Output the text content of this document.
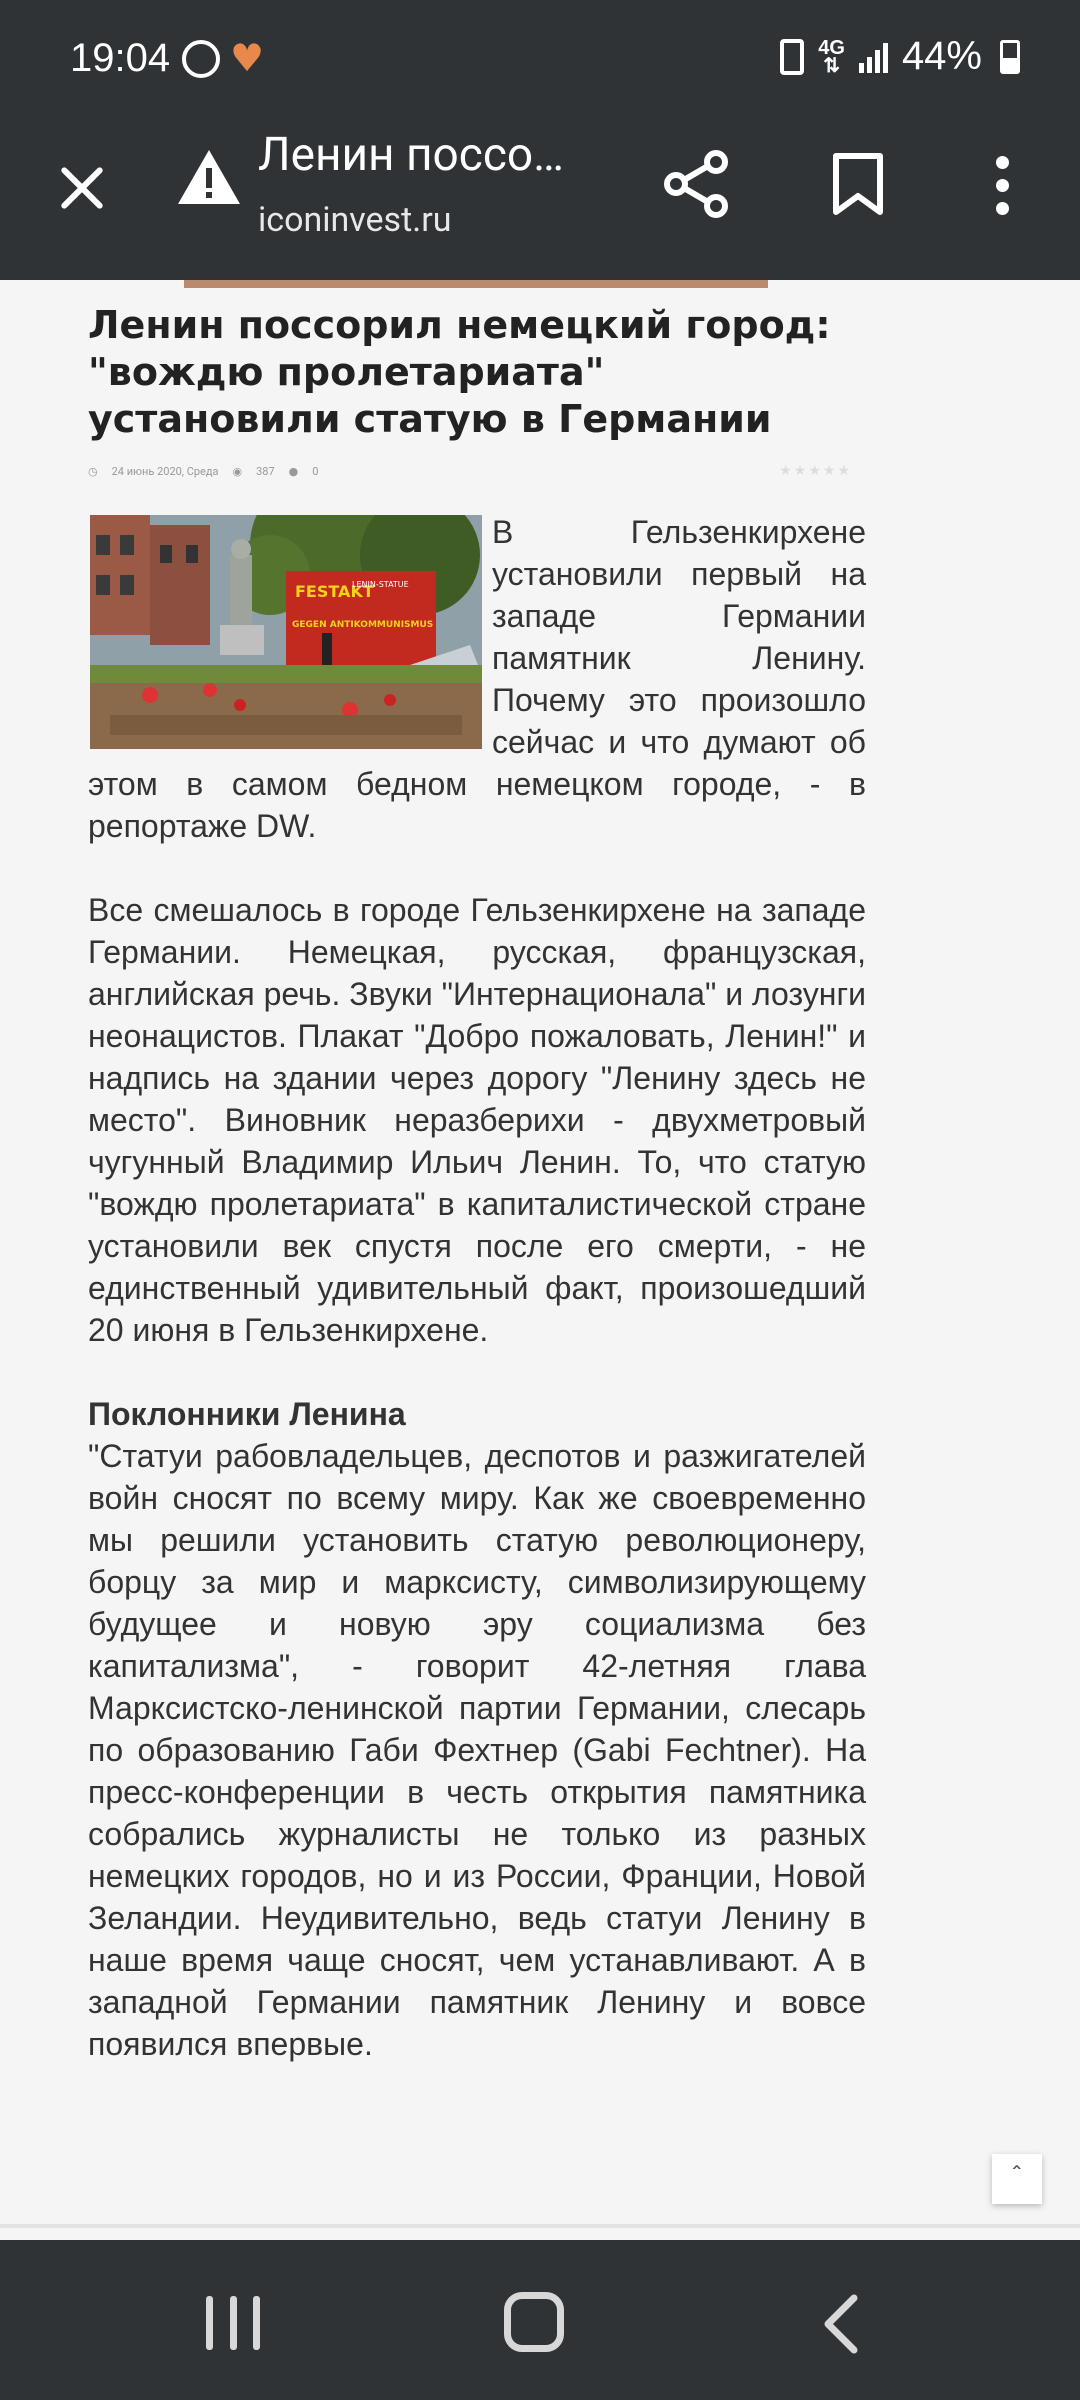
19:04 ♥	4G
⇅ 44%
Ленин поссо…
iconinvest.ru
Ленин поссорил немецкий город: "вождю пролетариата" установили статую в Германии
◷ 24 июнь 2020, Среда ◉ 387 ● 0	★★★★★
FESTAKT
LENIN-STATUE
GEGEN ANTIKOMMUNISMUS
В Гельзенкирхене установили первый на западе Германии памятник Ленину. Почему это произошло сейчас и что думают об этом в самом бедном немецком городе, - в репортаже DW.

Все смешалось в городе Гельзенкирхене на западе Германии. Немецкая, русская, французская, английская речь. Звуки "Интернационала" и лозунги неонацистов. Плакат "Добро пожаловать, Ленин!" и надпись на здании через дорогу "Ленину здесь не место". Виновник неразберихи - двухметровый чугунный Владимир Ильич Ленин. То, что статую "вождю пролетариата" в капиталистической стране установили век спустя после его смерти, - не единственный удивительный факт, произошедший 20 июня в Гельзенкирхене.

Поклонники Ленина

"Статуи рабовладельцев, деспотов и разжигателей войн сносят по всему миру. Как же своевременно мы решили установить статую революционеру, борцу за мир и марксисту, символизирующему будущее и новую эру социализма без капитализма", - говорит 42-летняя глава Марксистско-ленинской партии Германии, слесарь по образованию Габи Фехтнер (Gabi Fechtner). На пресс-конференции в честь открытия памятника собрались журналисты не только из разных немецких городов, но и из России, Франции, Новой Зеландии. Неудивительно, ведь статуи Ленину в наше время чаще сносят, чем устанавливают. А в западной Германии памятник Ленину и вовсе появился впервые.

ˆ
